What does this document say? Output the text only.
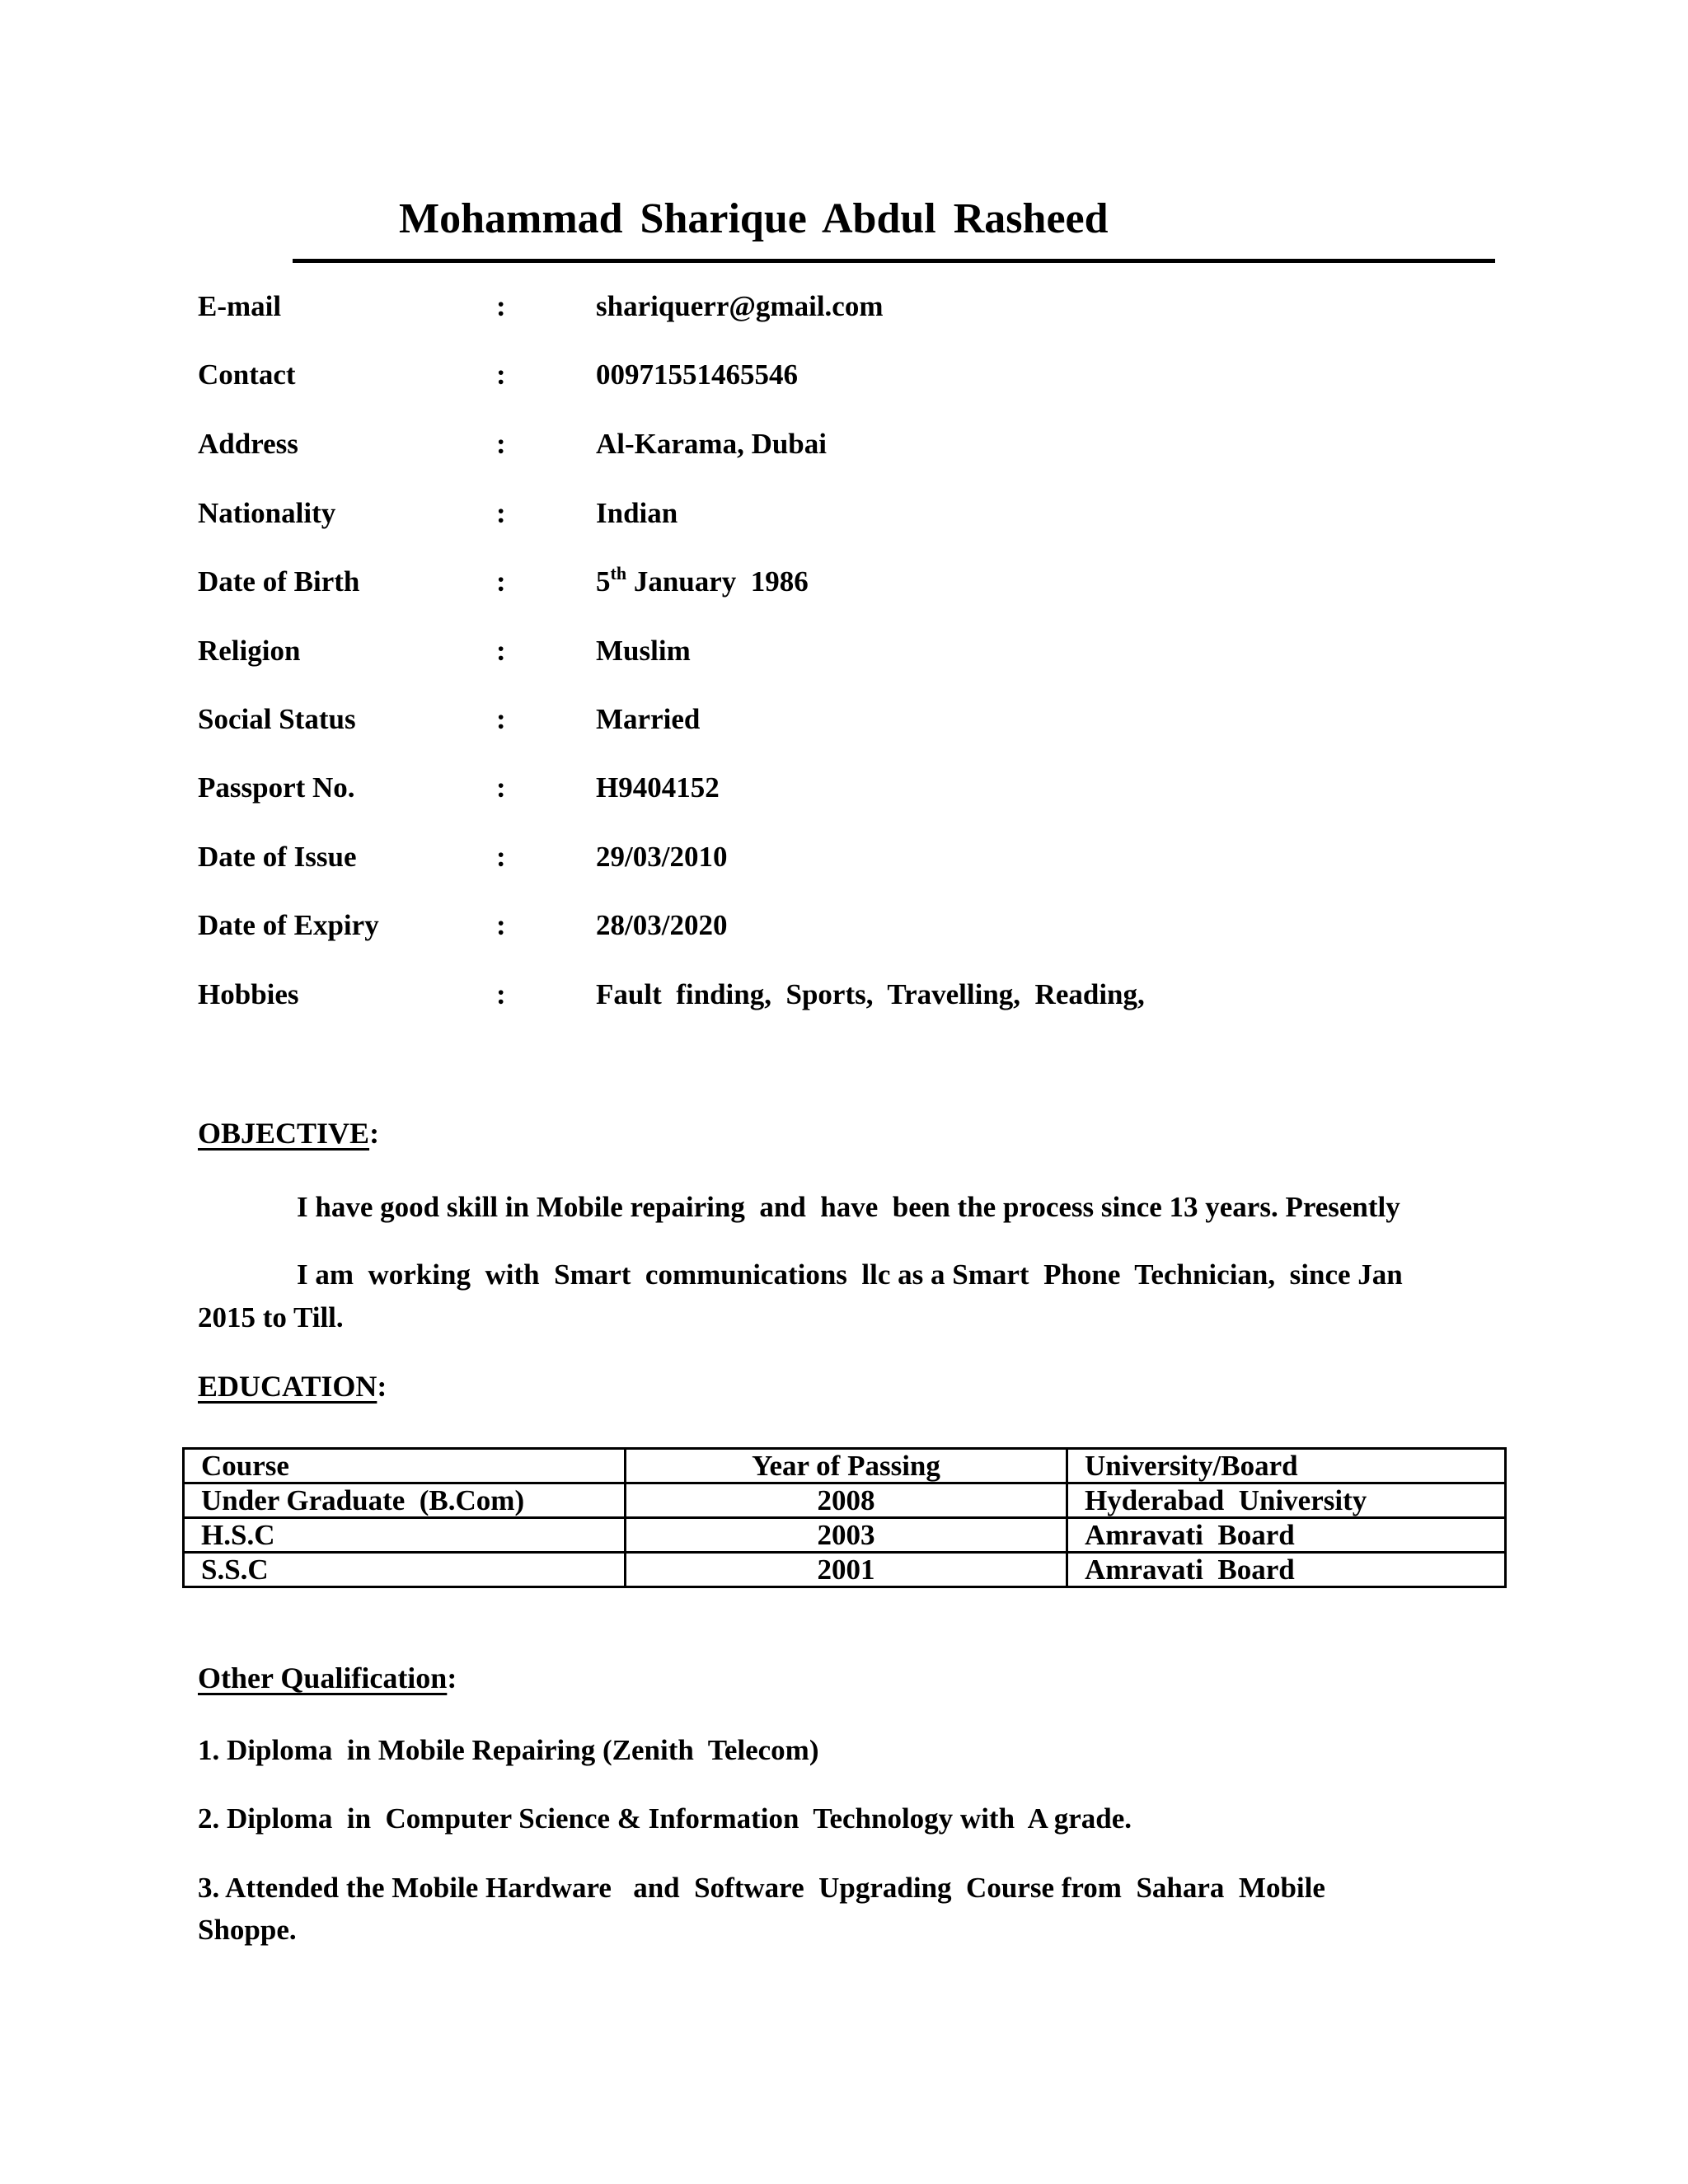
Mohammad Sharique Abdul Rasheed
E-mail	:	shariquerr@gmail.com
Contact	:	00971551465546
Address	:	Al-Karama, Dubai
Nationality	:	Indian
Date of Birth	:	5th January  1986
Religion	:	Muslim
Social Status	:	Married
Passport No.	:	H9404152
Date of Issue	:	29/03/2010
Date of Expiry	:	28/03/2020
Hobbies	:	Fault  finding,  Sports,  Travelling,  Reading,
OBJECTIVE:
I have good skill in Mobile repairing  and  have  been the process since 13 years. Presently
I am  working  with  Smart  communications  llc as a Smart  Phone  Technician,  since Jan
2015 to Till.
EDUCATION:
Course	Year of Passing	University/Board
Under Graduate  (B.Com)	2008	Hyderabad  University
H.S.C	2003	Amravati  Board
S.S.C	2001	Amravati  Board
Other Qualification:
1. Diploma  in Mobile Repairing (Zenith  Telecom)
2. Diploma  in  Computer Science & Information  Technology with  A grade.
3. Attended the Mobile Hardware   and  Software  Upgrading  Course from  Sahara  Mobile
Shoppe.
